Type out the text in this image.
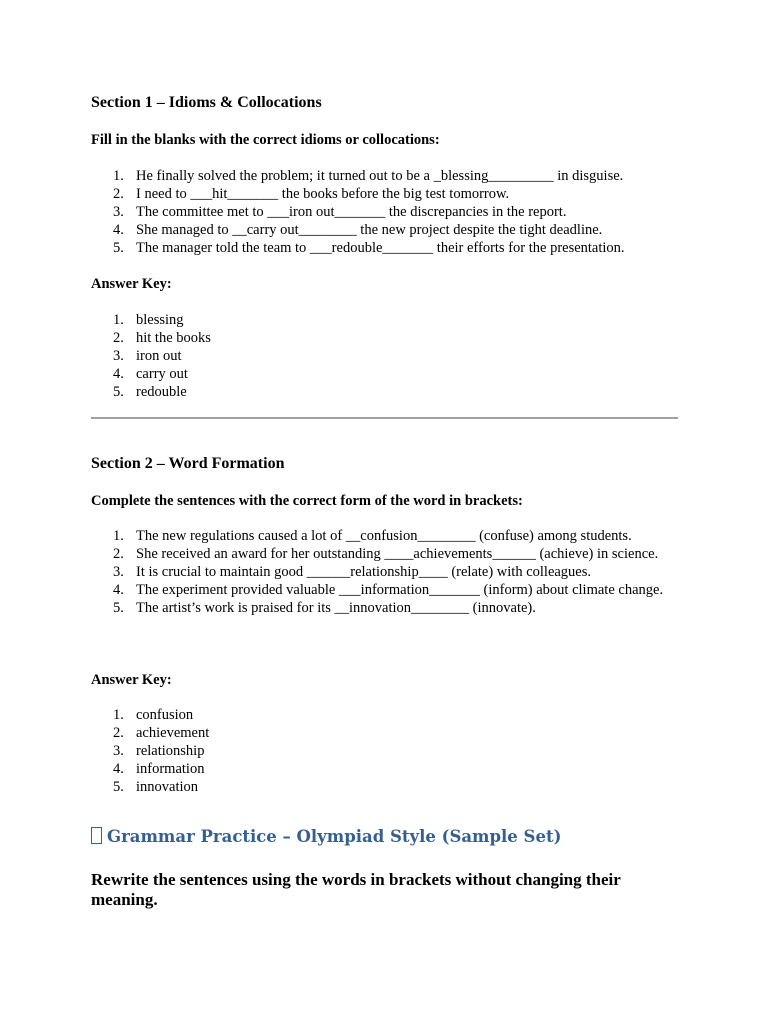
Section 1 – Idioms & Collocations

Fill in the blanks with the correct idioms or collocations:

1. He finally solved the problem; it turned out to be a _blessing_________ in disguise.
2. I need to ___hit_______ the books before the big test tomorrow.
3. The committee met to ___iron out_______ the discrepancies in the report.
4. She managed to __carry out________ the new project despite the tight deadline.
5. The manager told the team to ___redouble_______ their efforts for the presentation.

Answer Key:

1. blessing
2. hit the books
3. iron out
4. carry out
5. redouble
Section 2 – Word Formation

Complete the sentences with the correct form of the word in brackets:

1. The new regulations caused a lot of __confusion________ (confuse) among students.
2. She received an award for her outstanding ____achievements______ (achieve) in science.
3. It is crucial to maintain good ______relationship____ (relate) with colleagues.
4. The experiment provided valuable ___information_______ (inform) about climate change.
5. The artist’s work is praised for its __innovation________ (innovate).

Answer Key:

1. confusion
2. achievement
3. relationship
4. information
5. innovation
Grammar Practice – Olympiad Style (Sample Set)
Rewrite the sentences using the words in brackets without changing their meaning.
